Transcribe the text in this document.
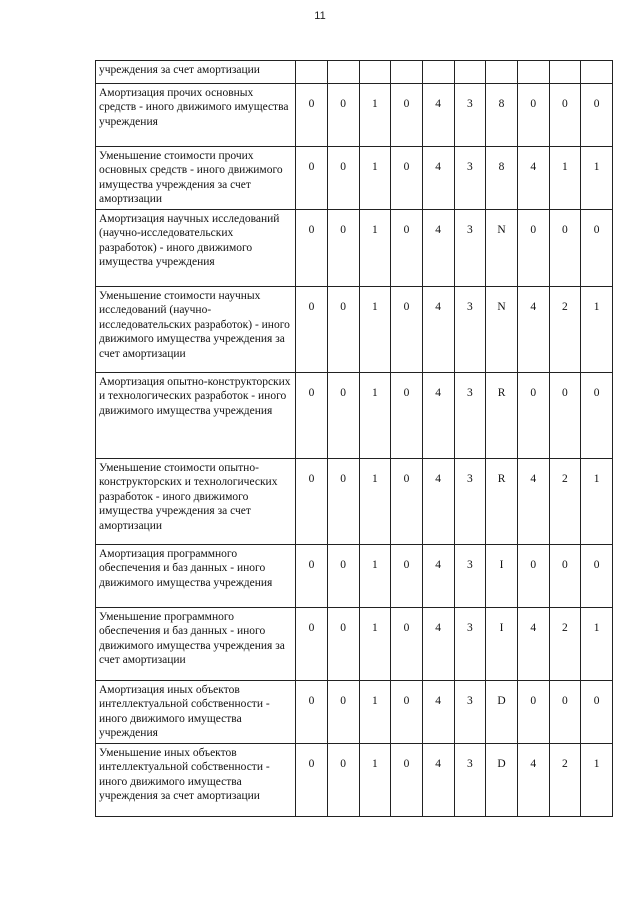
11
учреждения за счет амортизации										
Амортизация прочих основных средств - иного движимого имущества учреждения	0	0	1	0	4	3	8	0	0	0
Уменьшение стоимости прочих основных средств - иного движимого имущества учреждения за счет амортизации	0	0	1	0	4	3	8	4	1	1
Амортизация научных исследований (научно-исследовательских разработок) - иного движимого имущества учреждения	0	0	1	0	4	3	N	0	0	0
Уменьшение стоимости научных исследований (научно-исследовательских разработок) - иного движимого имущества учреждения за счет амортизации	0	0	1	0	4	3	N	4	2	1
Амортизация опытно-конструкторских и технологических разработок - иного движимого имущества учреждения	0	0	1	0	4	3	R	0	0	0
Уменьшение стоимости опытно-конструкторских и технологических разработок - иного движимого имущества учреждения за счет амортизации	0	0	1	0	4	3	R	4	2	1
Амортизация программного обеспечения и баз данных - иного движимого имущества учреждения	0	0	1	0	4	3	I	0	0	0
Уменьшение программного обеспечения и баз данных - иного движимого имущества учреждения за счет амортизации	0	0	1	0	4	3	I	4	2	1
Амортизация иных объектов интеллектуальной собственности - иного движимого имущества учреждения	0	0	1	0	4	3	D	0	0	0
Уменьшение иных объектов интеллектуальной собственности - иного движимого имущества учреждения за счет амортизации	0	0	1	0	4	3	D	4	2	1
